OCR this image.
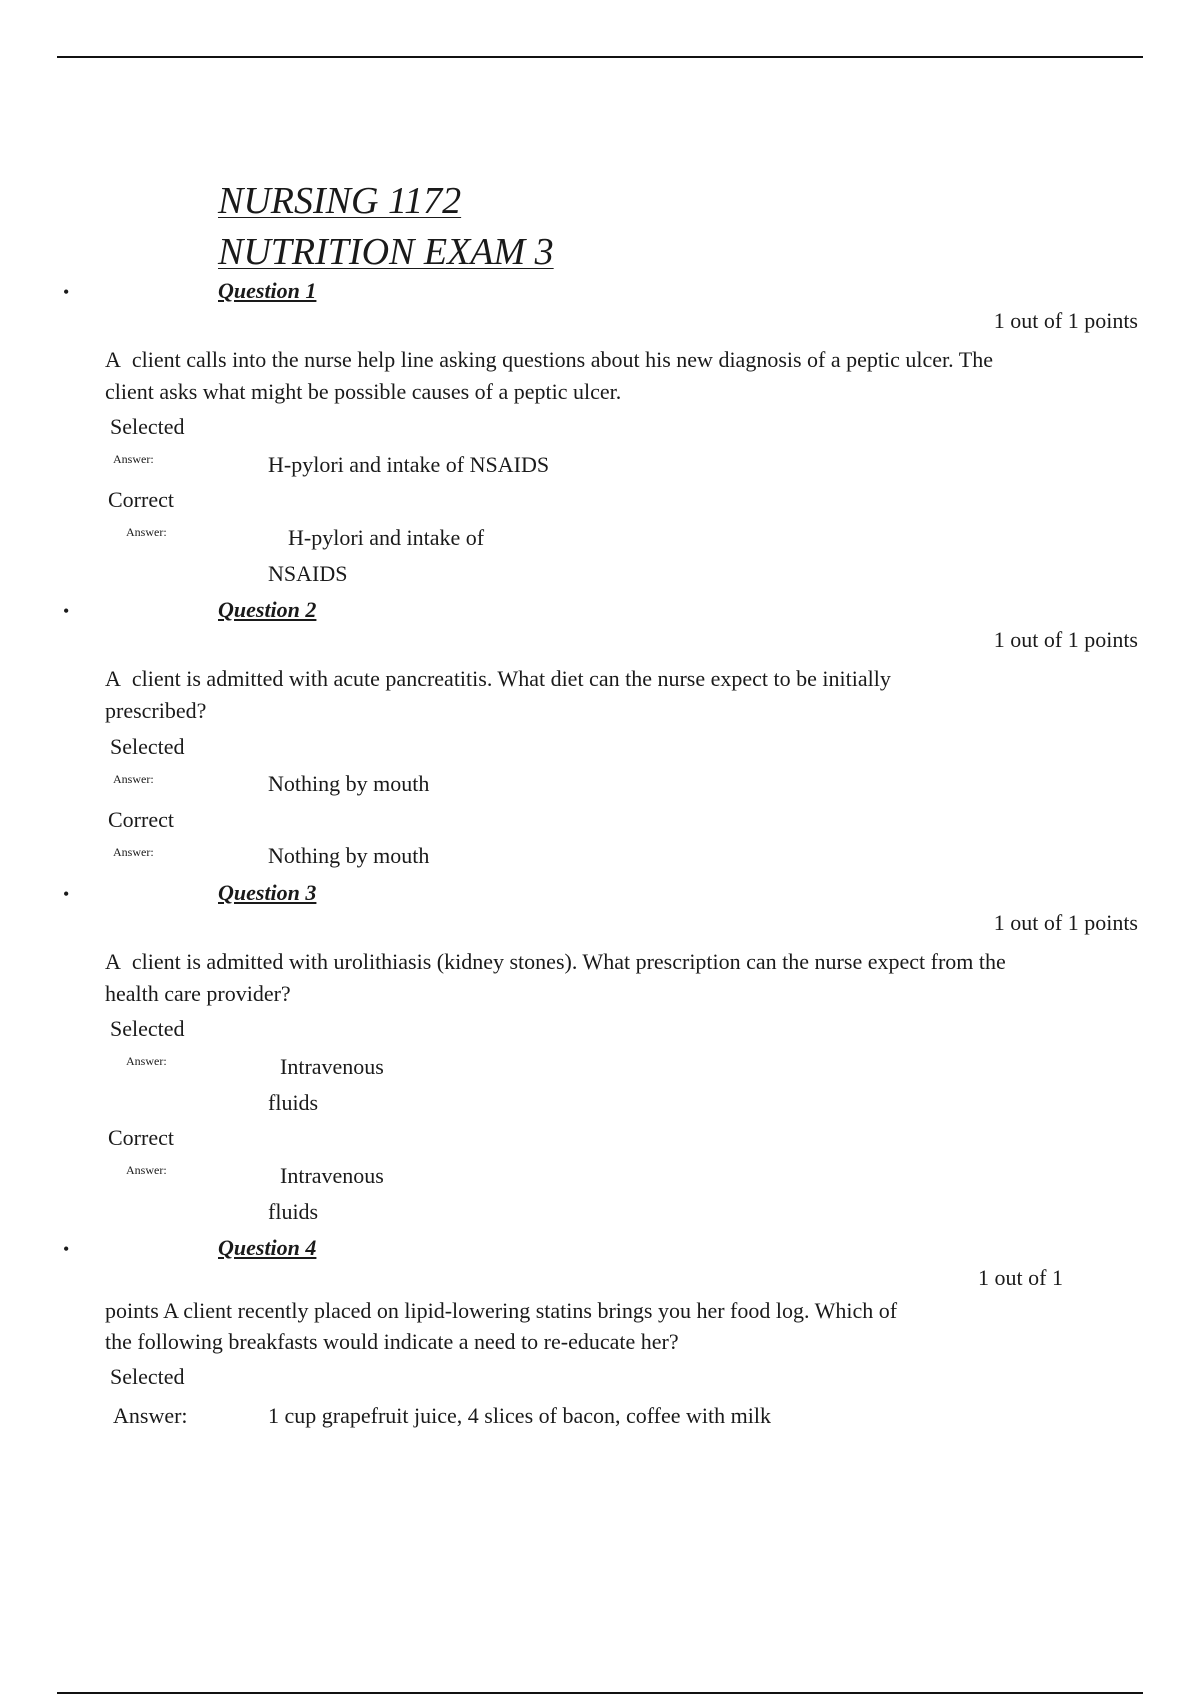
NURSING 1172
NUTRITION EXAM 3
•	Question 1
1 out of 1 points
A client calls into the nurse help line asking questions about his new diagnosis of a peptic ulcer. The client asks what might be possible causes of a peptic ulcer.
Selected
Answer:	H-pylori and intake of NSAIDS
Correct
Answer:	H-pylori and intake of NSAIDS
•	Question 2
1 out of 1 points
A client is admitted with acute pancreatitis. What diet can the nurse expect to be initially prescribed?
Selected
Answer:	Nothing by mouth
Correct
Answer:	Nothing by mouth
•	Question 3
1 out of 1 points
A client is admitted with urolithiasis (kidney stones). What prescription can the nurse expect from the health care provider?
Selected
Answer:	Intravenous fluids
Correct
Answer:	Intravenous fluids
•	Question 4
1 out of 1
points A client recently placed on lipid-lowering statins brings you her food log. Which of the following breakfasts would indicate a need to re-educate her?
Selected
Answer:	1 cup grapefruit juice, 4 slices of bacon, coffee with milk
